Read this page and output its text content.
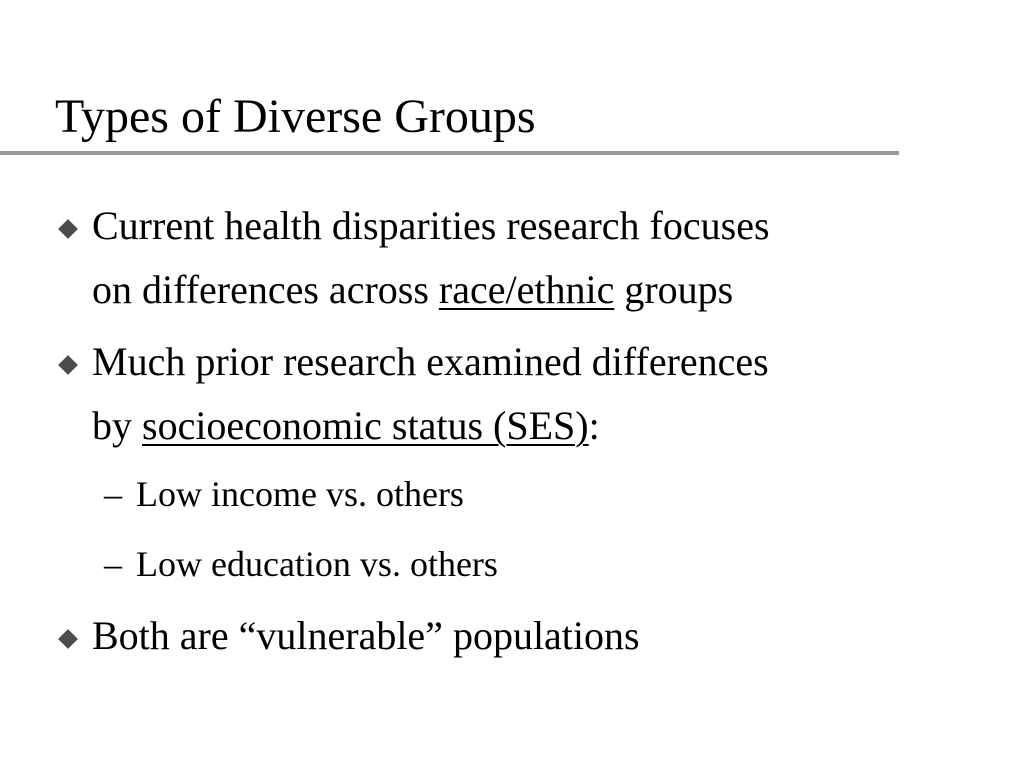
Types of Diverse Groups
Current health disparities research focuses
on differences across race/ethnic groups
Much prior research examined differences
by socioeconomic status (SES):
– Low income vs. others
– Low education vs. others
Both are “vulnerable” populations
